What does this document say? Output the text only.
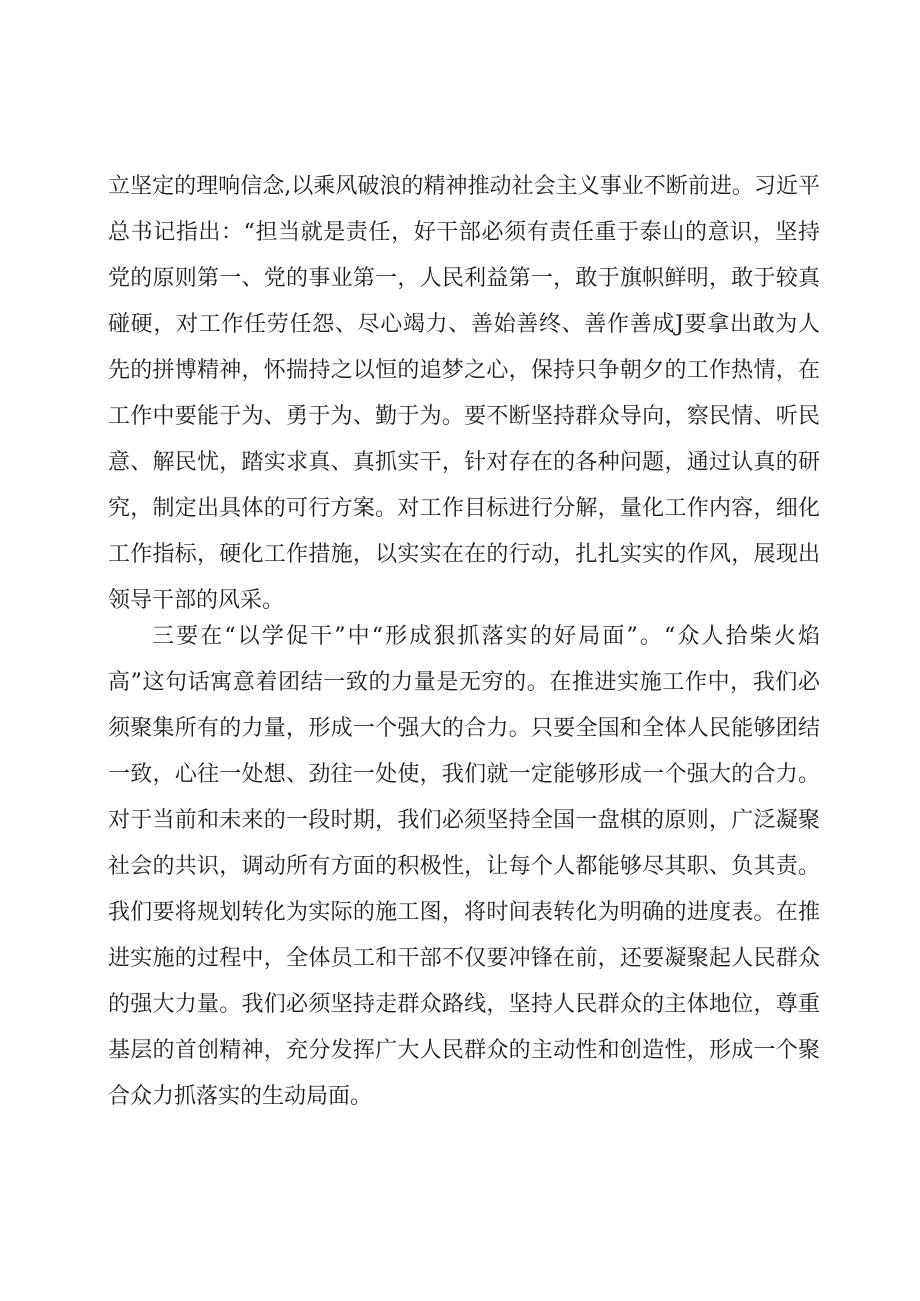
立坚定的理响信念,以乘风破浪的精神推动社会主义事业不断前进。习近平
总书记指出：“担当就是责任，好干部必须有责任重于泰山的意识，坚持
党的原则第一、党的事业第一，人民利益第一，敢于旗帜鲜明，敢于较真
碰硬，对工作任劳任怨、尽心竭力、善始善终、善作善成J要拿出敢为人
先的拼博精神，怀揣持之以恒的追梦之心，保持只争朝夕的工作热情，在
工作中要能于为、勇于为、勤于为。要不断坚持群众导向，察民情、听民
意、解民忧，踏实求真、真抓实干，针对存在的各种问题，通过认真的研
究，制定出具体的可行方案。对工作目标进行分解，量化工作内容，细化
工作指标，硬化工作措施，以实实在在的行动，扎扎实实的作风，展现出
领导干部的风采。
三要在“以学促干”中“形成狠抓落实的好局面”。“众人拾柴火焰
高”这句话寓意着团结一致的力量是无穷的。在推进实施工作中，我们必
须聚集所有的力量，形成一个强大的合力。只要全国和全体人民能够团结
一致，心往一处想、劲往一处使，我们就一定能够形成一个强大的合力。
对于当前和未来的一段时期，我们必须坚持全国一盘棋的原则，广泛凝聚
社会的共识，调动所有方面的积极性，让每个人都能够尽其职、负其责。
我们要将规划转化为实际的施工图，将时间表转化为明确的进度表。在推
进实施的过程中，全体员工和干部不仅要冲锋在前，还要凝聚起人民群众
的强大力量。我们必须坚持走群众路线，坚持人民群众的主体地位，尊重
基层的首创精神，充分发挥广大人民群众的主动性和创造性，形成一个聚
合众力抓落实的生动局面。
